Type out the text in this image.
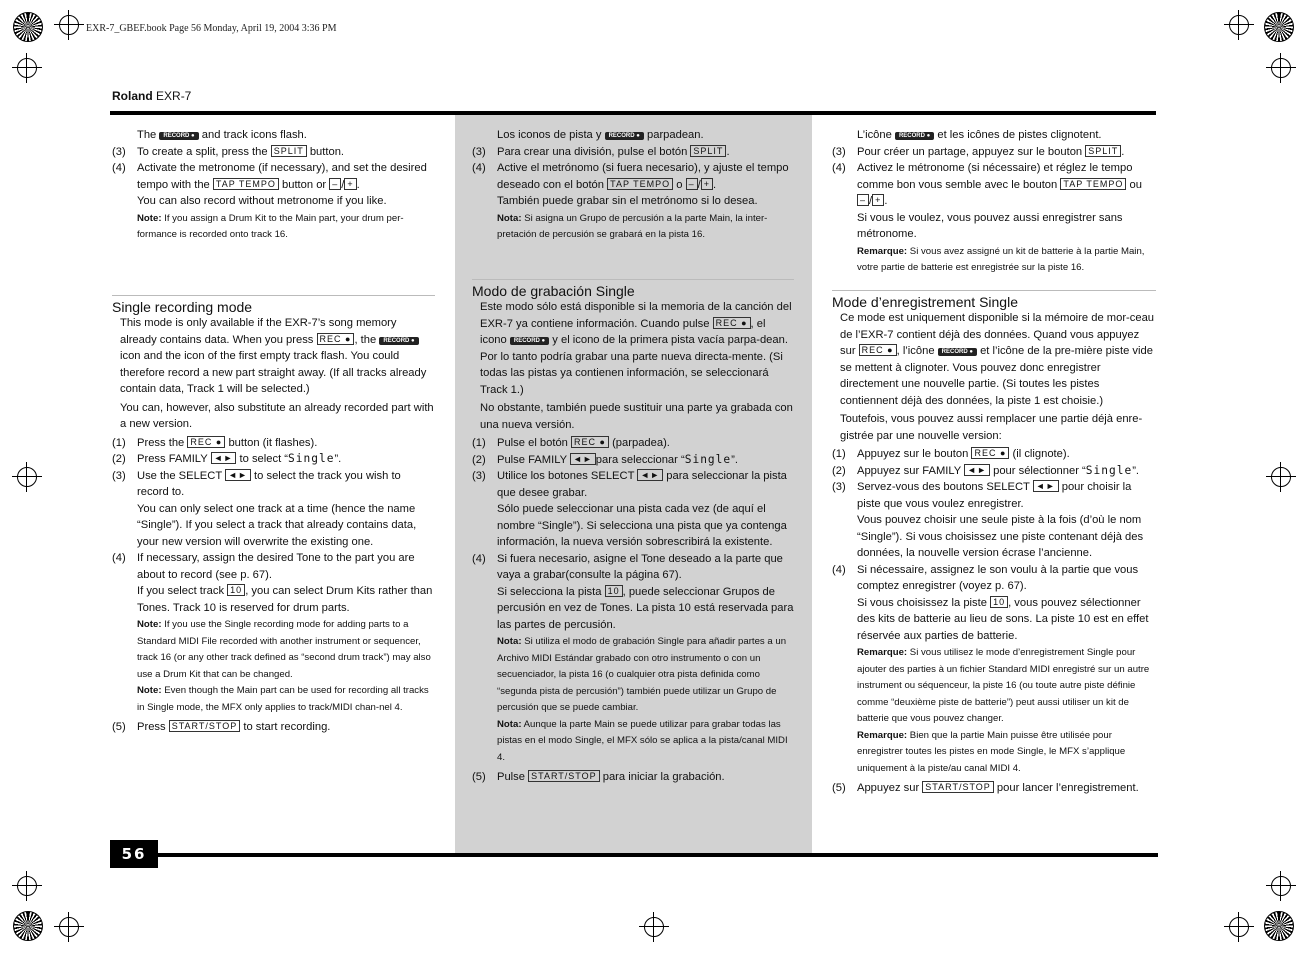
EXR-7_GBEF.book Page 56 Monday, April 19, 2004 3:36 PM
Roland EXR-7
56

The RECORD ● and track icons flash.

(3)	To create a split, press the SPLIT button.
(4)	Activate the metronome (if necessary), and set the desired tempo with the TAP TEMPO button or – / + .
You can also record without metronome if you like.
Note: If you assign a Drum Kit to the Main part, your drum per-formance is recorded onto track 16.
Single recording mode

This mode is only available if the EXR-7’s song memory already contains data. When you press REC ● , the RECORD ● icon and the icon of the first empty track flash. You could therefore record a new part straight away. (If all tracks already contain data, Track 1 will be selected.)

You can, however, also substitute an already recorded part with a new version.

(1)	Press the REC ● button (it flashes).
(2)	Press FAMILY ◄► to select “Single”.
(3)	Use the SELECT ◄► to select the track you wish to record to.
You can only select one track at a time (hence the name “Single”). If you select a track that already contains data, your new version will overwrite the existing one.
(4)	If necessary, assign the desired Tone to the part you are about to record (see p. 67).
If you select track 10 , you can select Drum Kits rather than Tones. Track 10 is reserved for drum parts.
Note: If you use the Single recording mode for adding parts to a Standard MIDI File recorded with another instrument or sequencer, track 16 (or any other track defined as “second drum track”) may also use a Drum Kit that can be changed.
Note: Even though the Main part can be used for recording all tracks in Single mode, the MFX only applies to track/MIDI chan-nel 4.
(5)	Press START/STOP to start recording.

Los iconos de pista y RECORD ● parpadean.

(3)	Para crear una división, pulse el botón SPLIT .
(4)	Active el metrónomo (si fuera necesario), y ajuste el tempo deseado con el botón TAP TEMPO o – / + .
También puede grabar sin el metrónomo si lo desea.
Nota: Si asigna un Grupo de percusión a la parte Main, la inter-pretación de percusión se grabará en la pista 16.
Modo de grabación Single

Este modo sólo está disponible si la memoria de la canción del EXR-7 ya contiene información. Cuando pulse REC ● , el icono RECORD ● y el icono de la primera pista vacía parpa-dean. Por lo tanto podría grabar una parte nueva directa-mente. (Si todas las pistas ya contienen información, se seleccionará Track 1.)

No obstante, también puede sustituir una parte ya grabada con una nueva versión.

(1)	Pulse el botón REC ● (parpadea).
(2)	Pulse FAMILY ◄► para seleccionar “Single”.
(3)	Utilice los botones SELECT ◄► para seleccionar la pista que desee grabar.
Sólo puede seleccionar una pista cada vez (de aquí el nombre “Single”). Si selecciona una pista que ya contenga información, la nueva versión sobrescribirá la existente.
(4)	Si fuera necesario, asigne el Tone deseado a la parte que vaya a grabar(consulte la página 67).
Si selecciona la pista 10 , puede seleccionar Grupos de percusión en vez de Tones. La pista 10 está reservada para las partes de percusión.
Nota: Si utiliza el modo de grabación Single para añadir partes a un Archivo MIDI Estándar grabado con otro instrumento o con un secuenciador, la pista 16 (o cualquier otra pista definida como “segunda pista de percusión”) también puede utilizar un Grupo de percusión que se puede cambiar.
Nota: Aunque la parte Main se puede utilizar para grabar todas las pistas en el modo Single, el MFX sólo se aplica a la pista/canal MIDI 4.
(5)	Pulse START/STOP para iniciar la grabación.

L’icône RECORD ● et les icônes de pistes clignotent.

(3)	Pour créer un partage, appuyez sur le bouton SPLIT .
(4)	Activez le métronome (si nécessaire) et réglez le tempo comme bon vous semble avec le bouton TAP TEMPO ou – / + .
Si vous le voulez, vous pouvez aussi enregistrer sans métronome.
Remarque: Si vous avez assigné un kit de batterie à la partie Main, votre partie de batterie est enregistrée sur la piste 16.
Mode d’enregistrement Single

Ce mode est uniquement disponible si la mémoire de mor-ceau de l’EXR-7 contient déjà des données. Quand vous appuyez sur REC ● , l’icône RECORD ● et l’icône de la pre-mière piste vide se mettent à clignoter. Vous pouvez donc enregistrer directement une nouvelle partie. (Si toutes les pistes contiennent déjà des données, la piste 1 est choisie.)

Toutefois, vous pouvez aussi remplacer une partie déjà enre-gistrée par une nouvelle version:

(1)	Appuyez sur le bouton REC ● (il clignote).
(2)	Appuyez sur FAMILY ◄► pour sélectionner “Single”.
(3)	Servez-vous des boutons SELECT ◄► pour choisir la piste que vous voulez enregistrer.
Vous pouvez choisir une seule piste à la fois (d’où le nom “Single”). Si vous choisissez une piste contenant déjà des données, la nouvelle version écrase l’ancienne.
(4)	Si nécessaire, assignez le son voulu à la partie que vous comptez enregistrer (voyez p. 67).
Si vous choisissez la piste 10 , vous pouvez sélectionner des kits de batterie au lieu de sons. La piste 10 est en effet réservée aux parties de batterie.
Remarque: Si vous utilisez le mode d’enregistrement Single pour ajouter des parties à un fichier Standard MIDI enregistré sur un autre instrument ou séquenceur, la piste 16 (ou toute autre piste définie comme “deuxième piste de batterie”) peut aussi utiliser un kit de batterie que vous pouvez changer.
Remarque: Bien que la partie Main puisse être utilisée pour enregistrer toutes les pistes en mode Single, le MFX s’applique uniquement à la piste/au canal MIDI 4.
(5)	Appuyez sur START/STOP pour lancer l’enregistrement.
